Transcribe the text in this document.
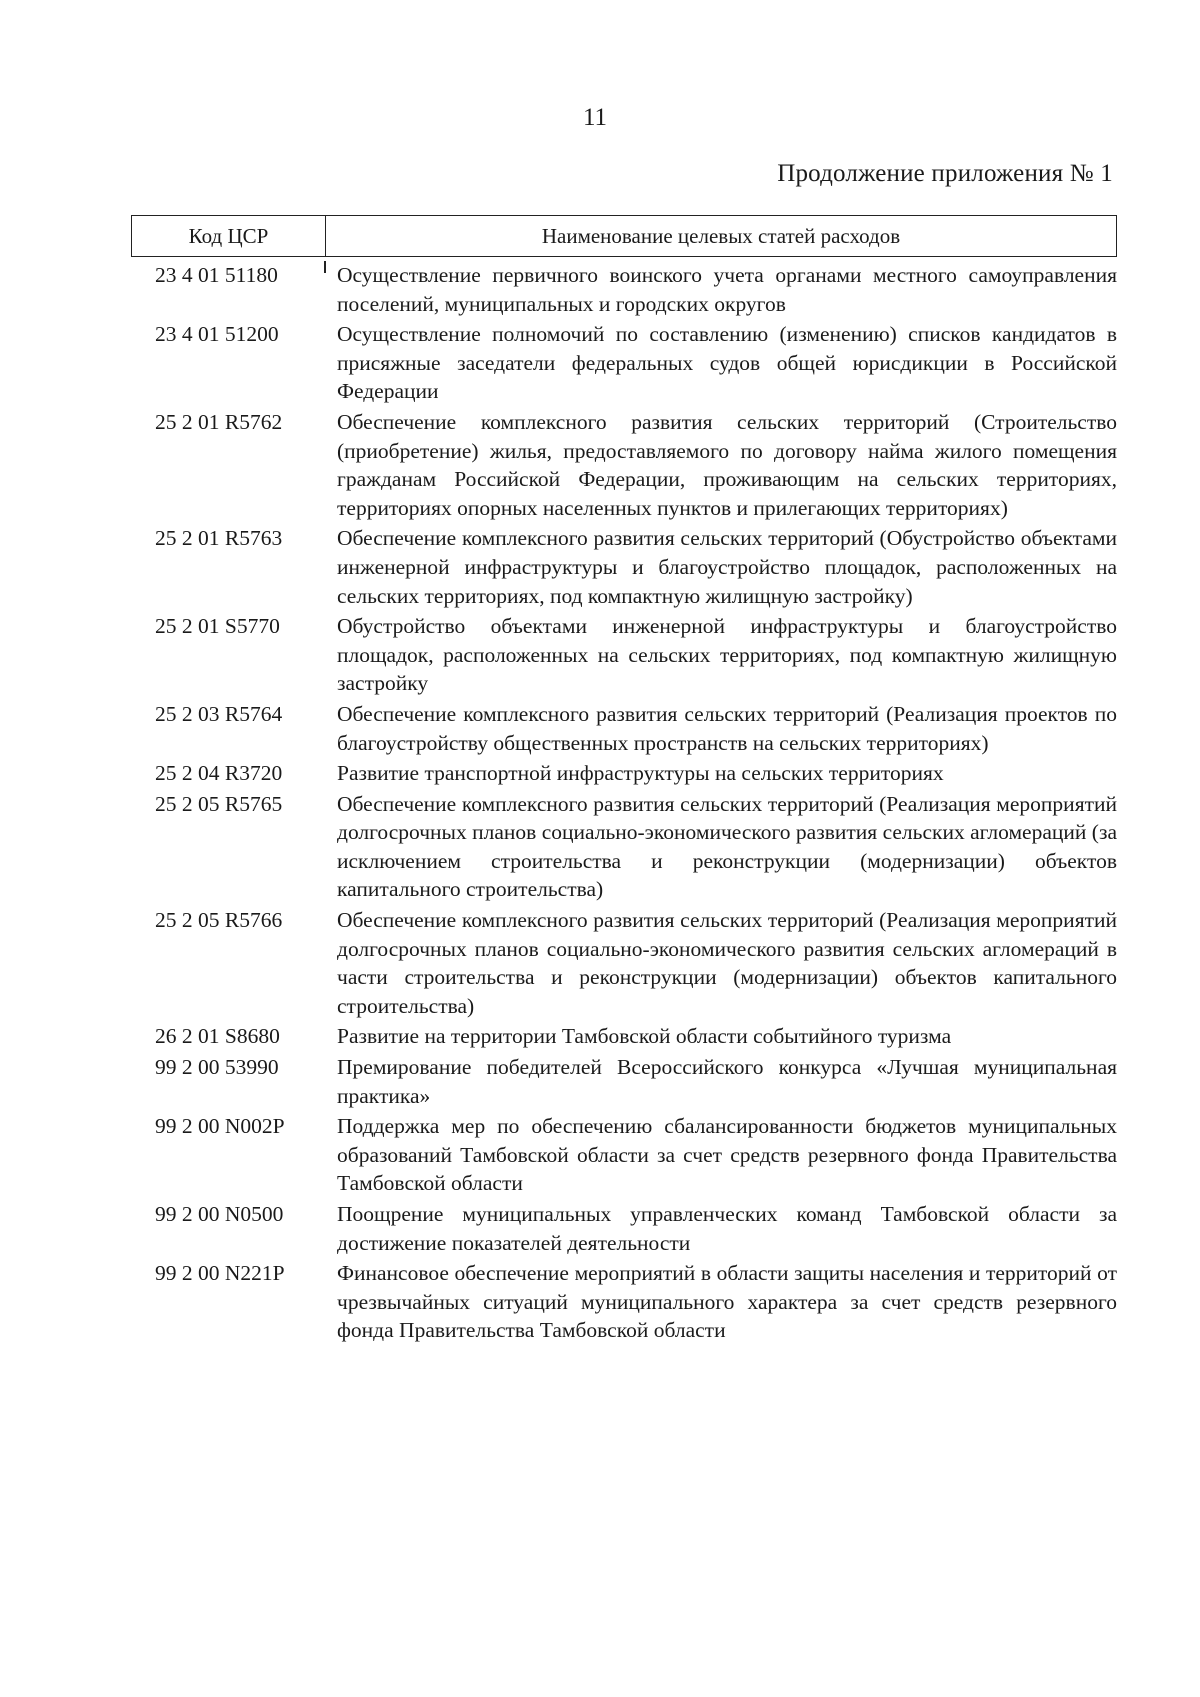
11
Продолжение приложения № 1
Код ЦСР	Наименование целевых статей расходов
23 4 01 51180	Осуществление первичного воинского учета органами местного самоуправления поселений, муниципальных и городских округов
23 4 01 51200	Осуществление полномочий по составлению (изменению) списков кандидатов в присяжные заседатели федеральных судов общей юрисдикции в Российской Федерации
25 2 01 R5762	Обеспечение комплексного развития сельских территорий (Строительство (приобретение) жилья, предоставляемого по договору найма жилого помещения гражданам Российской Федерации, проживающим на сельских территориях, территориях опорных населенных пунктов и прилегающих территориях)
25 2 01 R5763	Обеспечение комплексного развития сельских территорий (Обустройство объектами инженерной инфраструктуры и благоустройство площадок, расположенных на сельских территориях, под компактную жилищную застройку)
25 2 01 S5770	Обустройство объектами инженерной инфраструктуры и благоустройство площадок, расположенных на сельских территориях, под компактную жилищную застройку
25 2 03 R5764	Обеспечение комплексного развития сельских территорий (Реализация проектов по благоустройству общественных пространств на сельских территориях)
25 2 04 R3720	Развитие транспортной инфраструктуры на сельских территориях
25 2 05 R5765	Обеспечение комплексного развития сельских территорий (Реализация мероприятий долгосрочных планов социально-экономического развития сельских агломераций (за исключением строительства и реконструкции (модернизации) объектов капитального строительства)
25 2 05 R5766	Обеспечение комплексного развития сельских территорий (Реализация мероприятий долгосрочных планов социально-экономического развития сельских агломераций в части строительства и реконструкции (модернизации) объектов капитального строительства)
26 2 01 S8680	Развитие на территории Тамбовской области событийного туризма
99 2 00 53990	Премирование победителей Всероссийского конкурса «Лучшая муниципальная практика»
99 2 00 N002P	Поддержка мер по обеспечению сбалансированности бюджетов муниципальных образований Тамбовской области за счет средств резервного фонда Правительства Тамбовской области
99 2 00 N0500	Поощрение муниципальных управленческих команд Тамбовской области за достижение показателей деятельности
99 2 00 N221P	Финансовое обеспечение мероприятий в области защиты населения и территорий от чрезвычайных ситуаций муниципального характера за счет средств резервного фонда Правительства Тамбовской области
